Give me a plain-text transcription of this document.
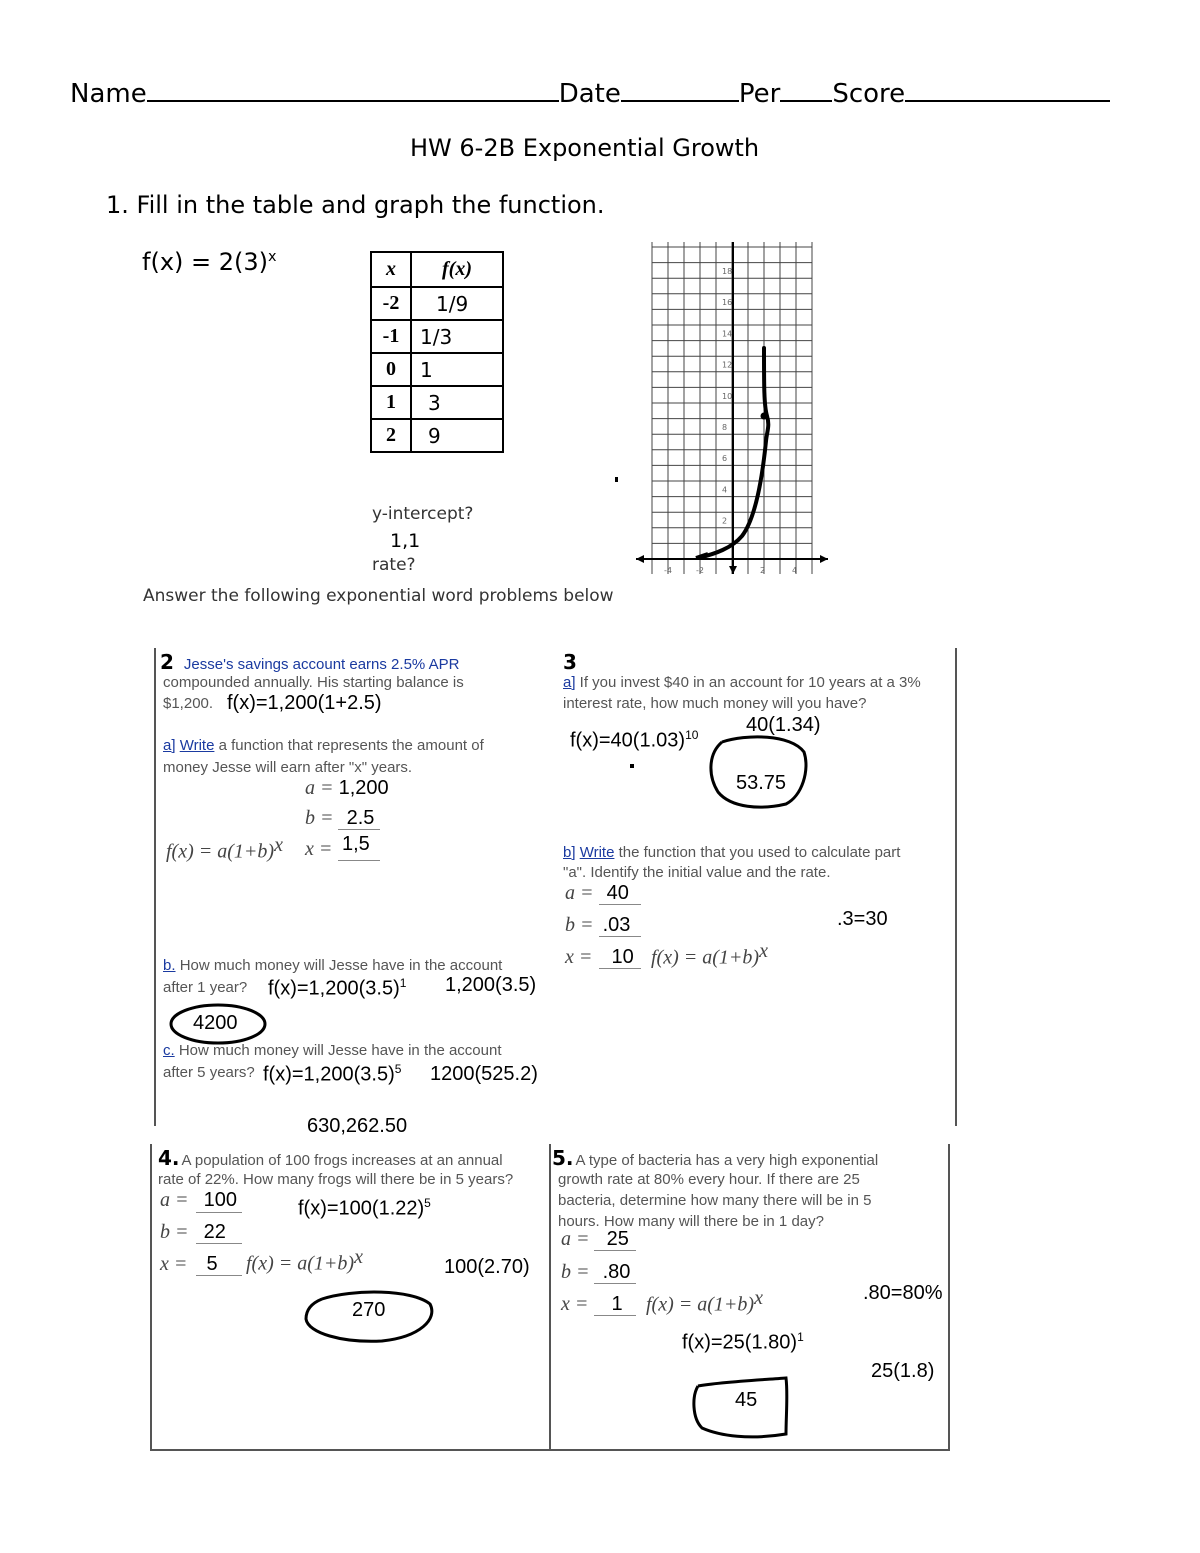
Name	Date	Per Score
HW 6-2B Exponential Growth
1. Fill in the table and graph the function.
$f(x) = 2(3)^x$
x	f(x)
-2	1/9
-1	1/3
0	1
1	3
2	9
y-intercept?
1,1
rate?
18
16
14
12
10
8
6
4
2
-4	-2	2	4
Answer the following exponential word problems below
2 Jesse's savings account earns 2.5% APR
compounded annually. His starting balance is
$1,200. f(x)=1,200(1+2.5)
a] Write a function that represents the amount of
money Jesse will earn after "x" years.
a = 1,200
b = 2.5
$f(x) = a(1+b)^x$ x = 1,5
b. How much money will Jesse have in the account
after 1 year? $f(x)=1,200(3.5)^1$ 1,200(3.5)
4200
c. How much money will Jesse have in the account
after 5 years? $f(x)=1,200(3.5)^5$ 1200(525.2)
630,262.50
3
a] If you invest $40 in an account for 10 years at a 3%
interest rate, how much money will you have?
40(1.34)
$f(x)=40(1.03)^{10}$
53.75
b] Write the function that you used to calculate part
"a". Identify the initial value and the rate.
a = 40
b = .03	.3=30
x = 10 $f(x) = a(1+b)^x$
4. A population of 100 frogs increases at an annual
rate of 22%. How many frogs will there be in 5 years?
a = 100	$f(x)=100(1.22)^5$
b = 22
x = 5 $f(x) = a(1+b)^x$	100(2.70)
270
5. A type of bacteria has a very high exponential
growth rate at 80% every hour. If there are 25
bacteria, determine how many there will be in 5
hours. How many will there be in 1 day?
a = 25
b = .80
.80=80%
x = 1 $f(x) = a(1+b)^x$
$f(x)=25(1.80)^1$
25(1.8)
45
